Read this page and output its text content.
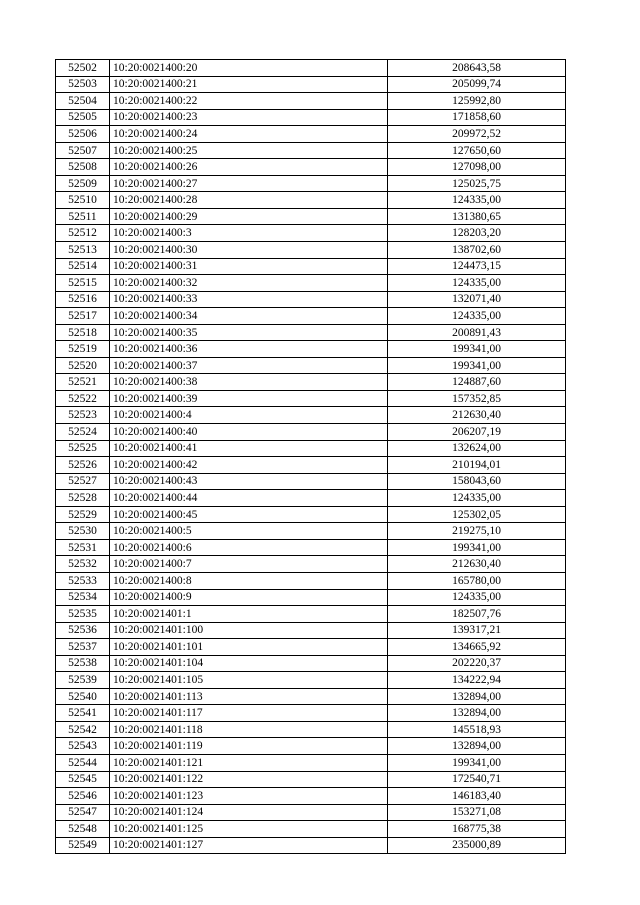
52502	10:20:0021400:20	208643,58
52503	10:20:0021400:21	205099,74
52504	10:20:0021400:22	125992,80
52505	10:20:0021400:23	171858,60
52506	10:20:0021400:24	209972,52
52507	10:20:0021400:25	127650,60
52508	10:20:0021400:26	127098,00
52509	10:20:0021400:27	125025,75
52510	10:20:0021400:28	124335,00
52511	10:20:0021400:29	131380,65
52512	10:20:0021400:3	128203,20
52513	10:20:0021400:30	138702,60
52514	10:20:0021400:31	124473,15
52515	10:20:0021400:32	124335,00
52516	10:20:0021400:33	132071,40
52517	10:20:0021400:34	124335,00
52518	10:20:0021400:35	200891,43
52519	10:20:0021400:36	199341,00
52520	10:20:0021400:37	199341,00
52521	10:20:0021400:38	124887,60
52522	10:20:0021400:39	157352,85
52523	10:20:0021400:4	212630,40
52524	10:20:0021400:40	206207,19
52525	10:20:0021400:41	132624,00
52526	10:20:0021400:42	210194,01
52527	10:20:0021400:43	158043,60
52528	10:20:0021400:44	124335,00
52529	10:20:0021400:45	125302,05
52530	10:20:0021400:5	219275,10
52531	10:20:0021400:6	199341,00
52532	10:20:0021400:7	212630,40
52533	10:20:0021400:8	165780,00
52534	10:20:0021400:9	124335,00
52535	10:20:0021401:1	182507,76
52536	10:20:0021401:100	139317,21
52537	10:20:0021401:101	134665,92
52538	10:20:0021401:104	202220,37
52539	10:20:0021401:105	134222,94
52540	10:20:0021401:113	132894,00
52541	10:20:0021401:117	132894,00
52542	10:20:0021401:118	145518,93
52543	10:20:0021401:119	132894,00
52544	10:20:0021401:121	199341,00
52545	10:20:0021401:122	172540,71
52546	10:20:0021401:123	146183,40
52547	10:20:0021401:124	153271,08
52548	10:20:0021401:125	168775,38
52549	10:20:0021401:127	235000,89
